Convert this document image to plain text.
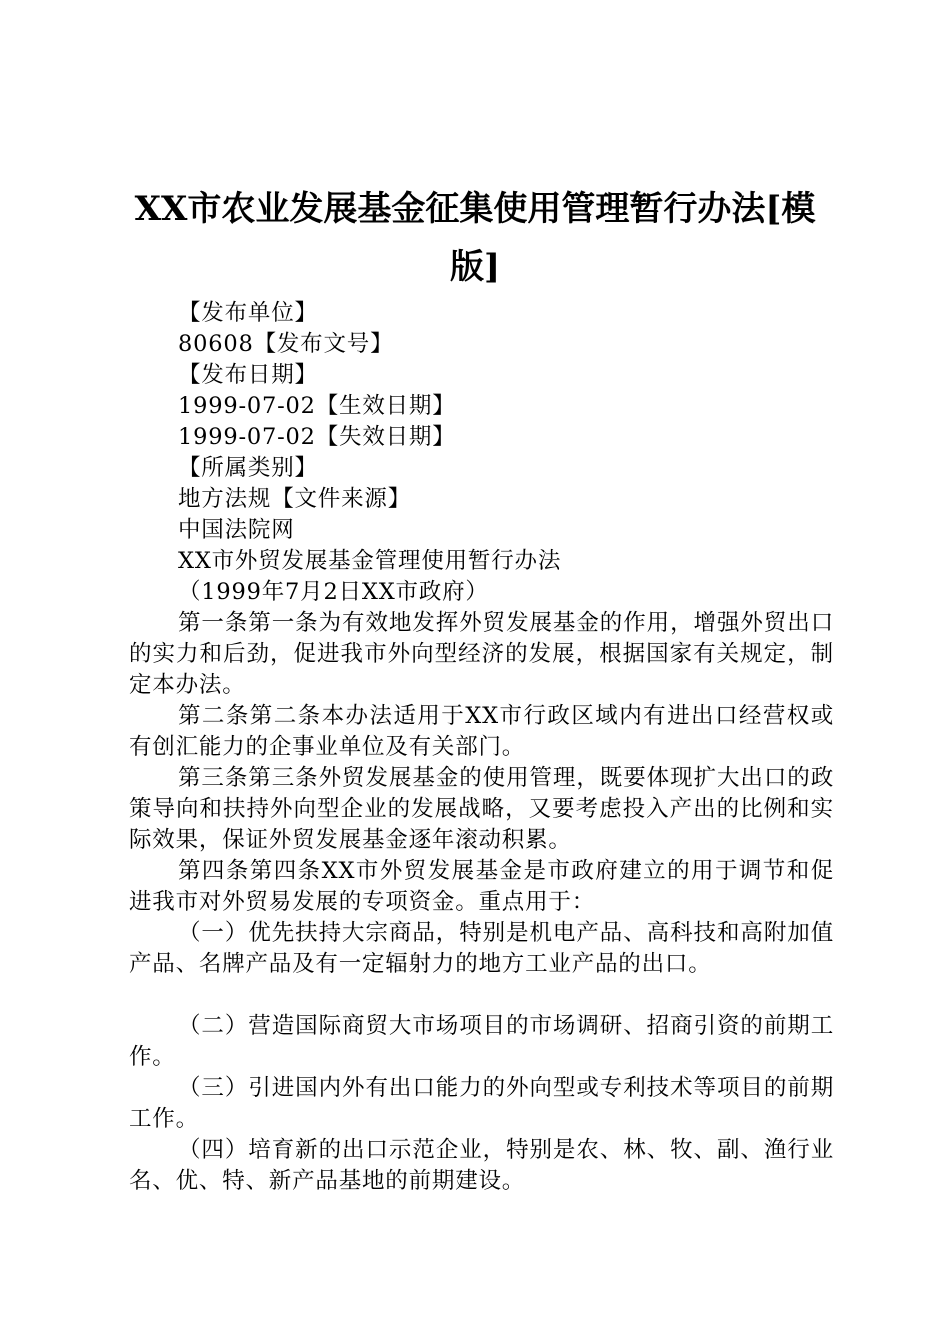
XX市农业发展基金征集使用管理暂行办法[模版]

【发布单位】

80608【发布文号】

【发布日期】

1999-07-02【生效日期】

1999-07-02【失效日期】

【所属类别】

地方法规【文件来源】

中国法院网

XX市外贸发展基金管理使用暂行办法

（1999年7月2日XX市政府）

第一条第一条为有效地发挥外贸发展基金的作用，增强外贸出口的实力和后劲，促进我市外向型经济的发展，根据国家有关规定，制定本办法。

第二条第二条本办法适用于XX市行政区域内有进出口经营权或有创汇能力的企事业单位及有关部门。

第三条第三条外贸发展基金的使用管理，既要体现扩大出口的政策导向和扶持外向型企业的发展战略，又要考虑投入产出的比例和实际效果，保证外贸发展基金逐年滚动积累。

第四条第四条XX市外贸发展基金是市政府建立的用于调节和促进我市对外贸易发展的专项资金。重点用于：

（一）优先扶持大宗商品，特别是机电产品、高科技和高附加值产品、名牌产品及有一定辐射力的地方工业产品的出口。

（二）营造国际商贸大市场项目的市场调研、招商引资的前期工作。

（三）引进国内外有出口能力的外向型或专利技术等项目的前期工作。

（四）培育新的出口示范企业，特别是农、林、牧、副、渔行业名、优、特、新产品基地的前期建设。
